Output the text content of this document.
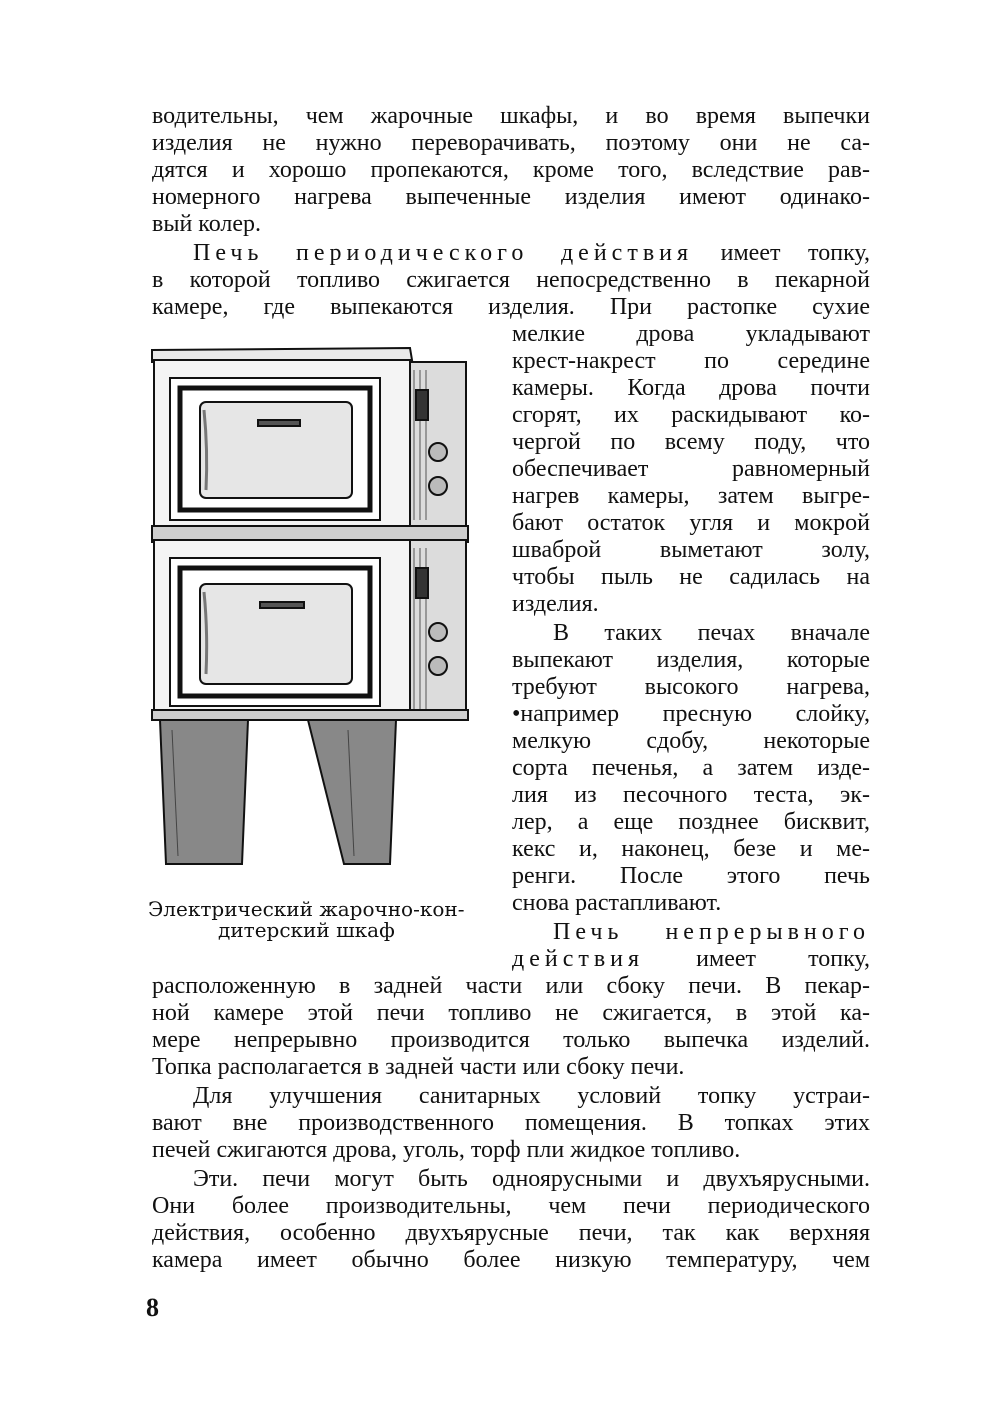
водительны, чем жарочные шкафы, и во время выпечки
изделия не нужно переворачивать, поэтому они не са-
дятся и хорошо пропекаются, кроме того, вследствие рав-
номерного нагрева выпеченные изделия имеют одинако-
вый колер.
Печь периодического действия имеет топку,
в которой топливо сжигается непосредственно в пекарной
камере, где выпекаются изделия. При растопке сухие
мелкие дрова укладывают
крест-накрест по середине
камеры. Когда дрова почти
сгорят, их раскидывают ко-
чергой по всему поду, что
обеспечивает равномерный
нагрев камеры, затем выгре-
бают остаток угля и мокрой
шваброй выметают золу,
чтобы пыль не садилась на
изделия.
В таких печах вначале
выпекают изделия, которые
требуют высокого нагрева,
•например пресную слойку,
мелкую сдобу, некоторые
сорта печенья, а затем изде-
лия из песочного теста, эк-
лер, а еще позднее бисквит,
кекс и, наконец, безе и ме-
ренги. После этого печь
снова растапливают.
Печь непрерывного
действия имеет топку,
расположенную в задней части или сбоку печи. В пекар-
ной камере этой печи топливо не сжигается, в этой ка-
мере непрерывно производится только выпечка изделий.
Топка располагается в задней части или сбоку печи.
Для улучшения санитарных условий топку устраи-
вают вне производственного помещения. В топках этих
печей сжигаются дрова, уголь, торф пли жидкое топливо.
Эти. печи могут быть одноярусными и двухъярусными.
Они более производительны, чем печи периодического
действия, особенно двухъярусные печи, так как верхняя
камера имеет обычно более низкую температуру, чем
Электрический жарочно-кон-
дитерский шкаф
8
